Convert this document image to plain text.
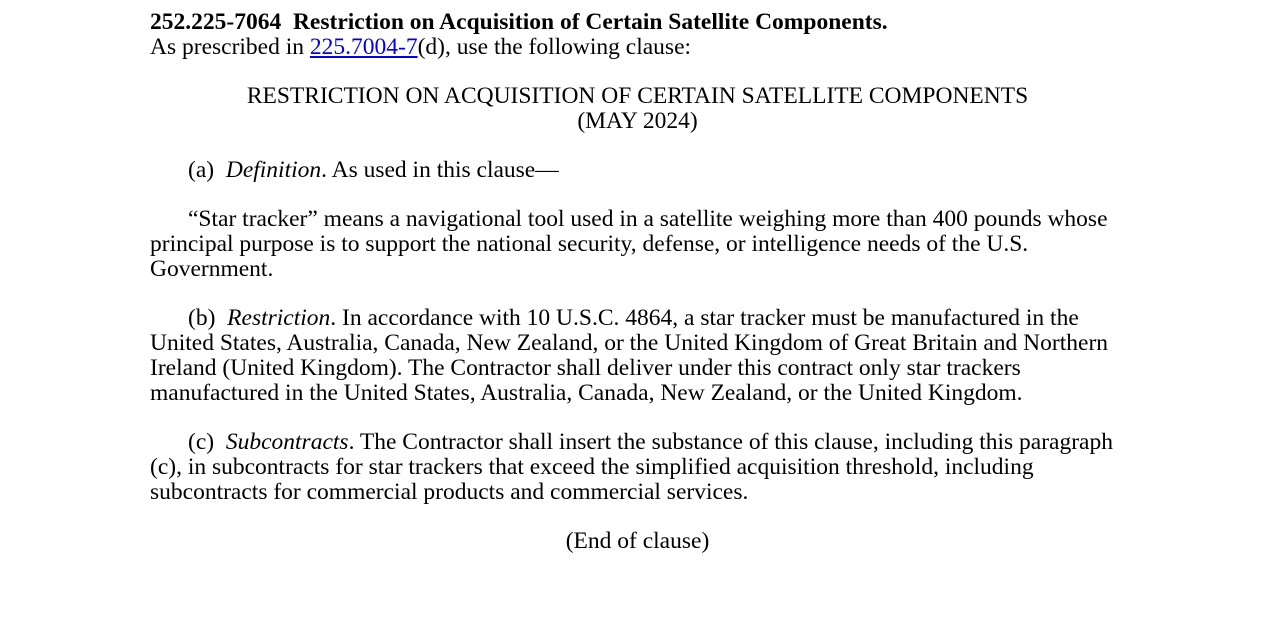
252.225-7064 Restriction on Acquisition of Certain Satellite Components.

As prescribed in 225.7004-7(d), use the following clause:

RESTRICTION ON ACQUISITION OF CERTAIN SATELLITE COMPONENTS

(MAY 2024)

(a) Definition. As used in this clause—

“Star tracker” means a navigational tool used in a satellite weighing more than 400 pounds whose principal purpose is to support the national security, defense, or intelligence needs of the U.S. Government.

(b) Restriction. In accordance with 10 U.S.C. 4864, a star tracker must be manufactured in the United States, Australia, Canada, New Zealand, or the United Kingdom of Great Britain and Northern Ireland (United Kingdom). The Contractor shall deliver under this contract only star trackers manufactured in the United States, Australia, Canada, New Zealand, or the United Kingdom.

(c) Subcontracts. The Contractor shall insert the substance of this clause, including this paragraph (c), in subcontracts for star trackers that exceed the simplified acquisition threshold, including subcontracts for commercial products and commercial services.

(End of clause)
